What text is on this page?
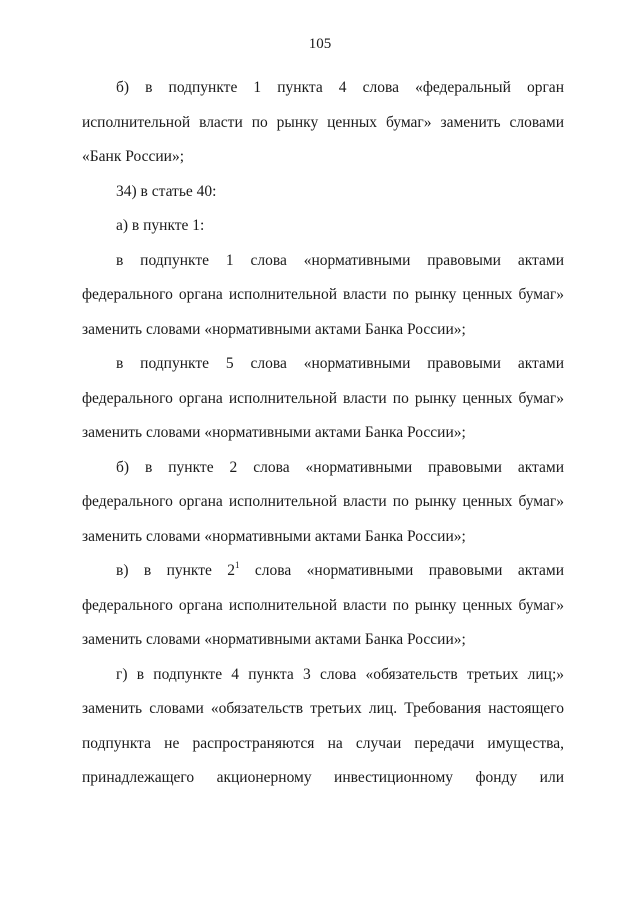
105

б) в подпункте 1 пункта 4 слова «федеральный орган исполнительной власти по рынку ценных бумаг» заменить словами «Банк России»;

34) в статье 40:

а) в пункте 1:

в подпункте 1 слова «нормативными правовыми актами федерального органа исполнительной власти по рынку ценных бумаг» заменить словами «нормативными актами Банка России»;

в подпункте 5 слова «нормативными правовыми актами федерального органа исполнительной власти по рынку ценных бумаг» заменить словами «нормативными актами Банка России»;

б) в пункте 2 слова «нормативными правовыми актами федерального органа исполнительной власти по рынку ценных бумаг» заменить словами «нормативными актами Банка России»;

в) в пункте $2^1$ слова «нормативными правовыми актами федерального органа исполнительной власти по рынку ценных бумаг» заменить словами «нормативными актами Банка России»;

г) в подпункте 4 пункта 3 слова «обязательств третьих лиц;» заменить словами «обязательств третьих лиц. Требования настоящего подпункта не распространяются на случаи передачи имущества, принадлежащего акционерному инвестиционному фонду или
